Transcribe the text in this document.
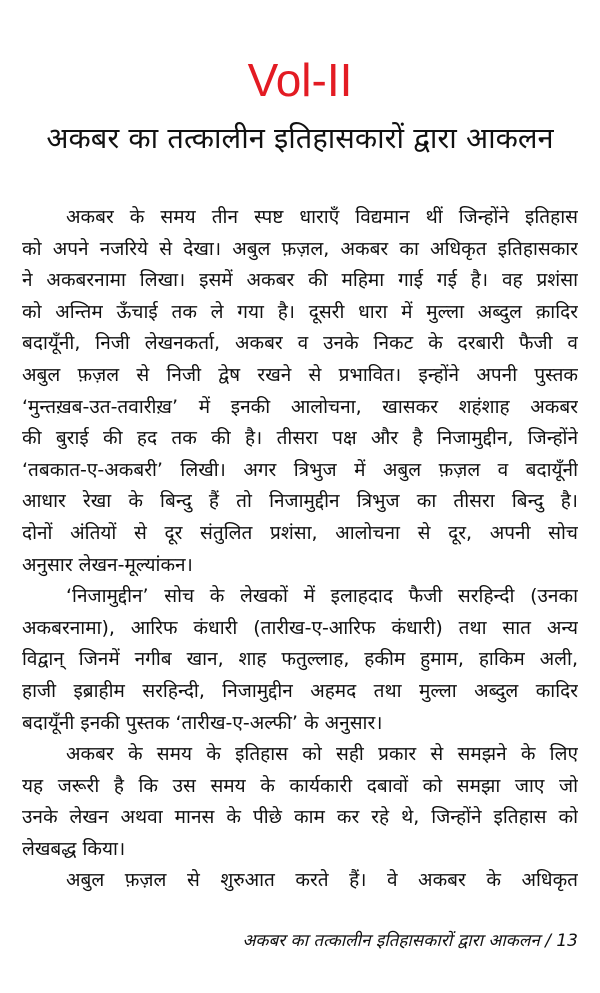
Vol-II
अकबर का तत्कालीन इतिहासकारों द्वारा आकलन
अकबर के समय तीन स्पष्ट धाराएँ विद्यमान थीं जिन्होंने इतिहास
को अपने नजरिये से देखा। अबुल फ़ज़ल, अकबर का अधिकृत इतिहासकार
ने अकबरनामा लिखा। इसमें अकबर की महिमा गाई गई है। वह प्रशंसा
को अन्तिम ऊँचाई तक ले गया है। दूसरी धारा में मुल्ला अब्दुल क़ादिर
बदायूँनी, निजी लेखनकर्ता, अकबर व उनके निकट के दरबारी फैजी व
अबुल फ़ज़ल से निजी द्वेष रखने से प्रभावित। इन्होंने अपनी पुस्तक
‘मुन्तख़ब-उत-तवारीख़’ में इनकी आलोचना, खासकर शहंशाह अकबर
की बुराई की हद तक की है। तीसरा पक्ष और है निजामुद्दीन, जिन्होंने
‘तबकात-ए-अकबरी’ लिखी। अगर त्रिभुज में अबुल फ़ज़ल व बदायूँनी
आधार रेखा के बिन्दु हैं तो निजामुद्दीन त्रिभुज का तीसरा बिन्दु है।
दोनों अंतियों से दूर संतुलित प्रशंसा, आलोचना से दूर, अपनी सोच
अनुसार लेखन-मूल्यांकन।
‘निजामुद्दीन’ सोच के लेखकों में इलाहदाद फैजी सरहिन्दी (उनका
अकबरनामा), आरिफ कंधारी (तारीख-ए-आरिफ कंधारी) तथा सात अन्य
विद्वान् जिनमें नगीब खान, शाह फतुल्लाह, हकीम हुमाम, हाकिम अली,
हाजी इब्राहीम सरहिन्दी, निजामुद्दीन अहमद तथा मुल्ला अब्दुल कादिर
बदायूँनी इनकी पुस्तक ‘तारीख-ए-अल्फी’ के अनुसार।
अकबर के समय के इतिहास को सही प्रकार से समझने के लिए
यह जरूरी है कि उस समय के कार्यकारी दबावों को समझा जाए जो
उनके लेखन अथवा मानस के पीछे काम कर रहे थे, जिन्होंने इतिहास को
लेखबद्ध किया।
अबुल फ़ज़ल से शुरुआत करते हैं। वे अकबर के अधिकृत
अकबर का तत्कालीन इतिहासकारों द्वारा आकलन / 13
